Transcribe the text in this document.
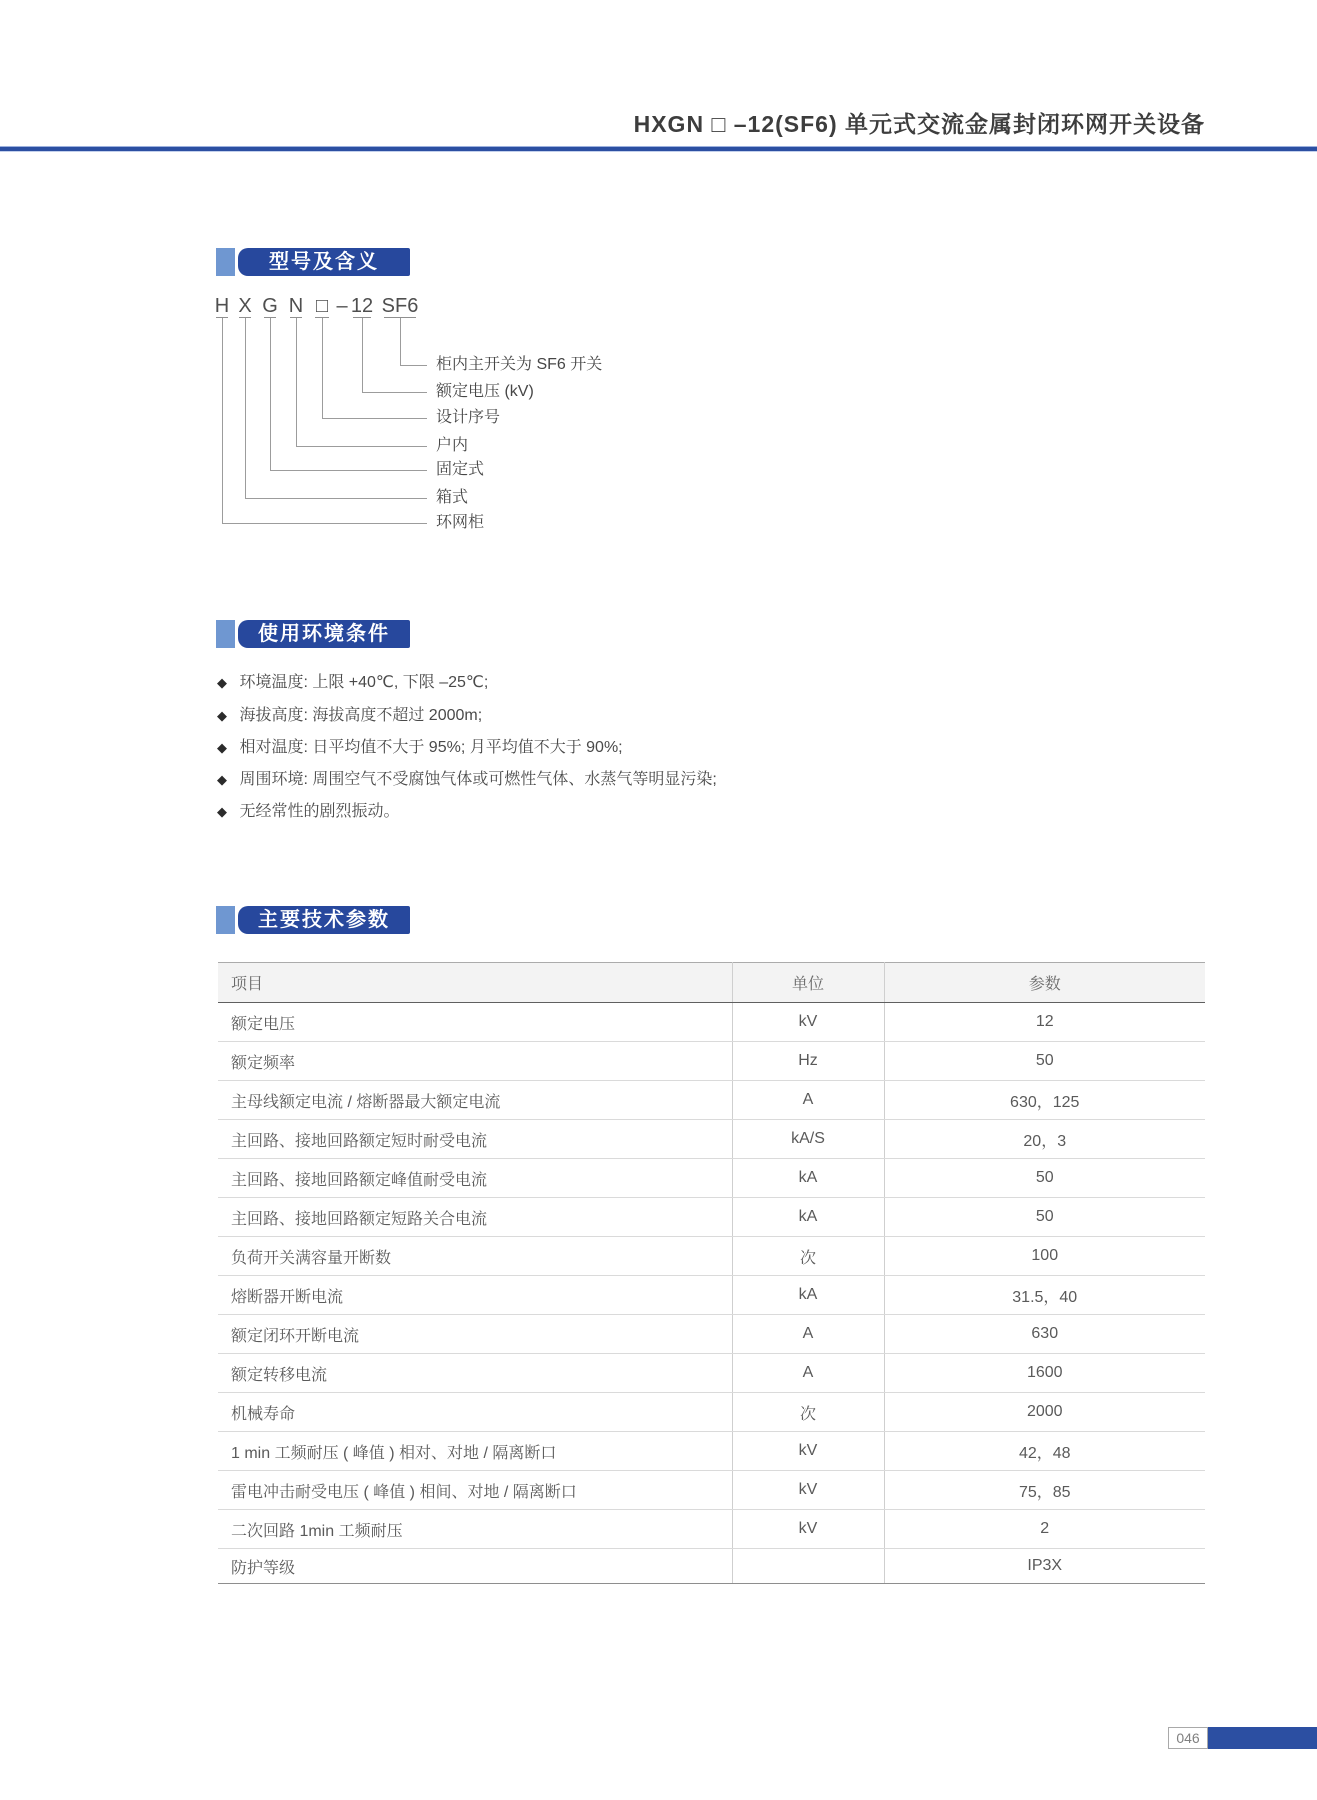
HXGN □ –12(SF6) 单元式交流金属封闭环网开关设备
型号及含义
H X G N □ – 12 SF6
柜内主开关为 SF6 开关
额定电压 (kV)
设计序号
户内
固定式
箱式
环网柜
使用环境条件
◆ 环境温度: 上限 +40℃, 下限 –25℃;
◆ 海拔高度: 海拔高度不超过 2000m;
◆ 相对温度: 日平均值不大于 95%; 月平均值不大于 90%;
◆ 周围环境: 周围空气不受腐蚀气体或可燃性气体、水蒸气等明显污染;
◆ 无经常性的剧烈振动。
主要技术参数
项目	单位	参数
额定电压	kV	12
额定频率	Hz	50
主母线额定电流 / 熔断器最大额定电流	A	630，125
主回路、接地回路额定短时耐受电流	kA/S	20，3
主回路、接地回路额定峰值耐受电流	kA	50
主回路、接地回路额定短路关合电流	kA	50
负荷开关满容量开断数	次	100
熔断器开断电流	kA	31.5，40
额定闭环开断电流	A	630
额定转移电流	A	1600
机械寿命	次	2000
1 min 工频耐压 ( 峰值 ) 相对、对地 / 隔离断口	kV	42，48
雷电冲击耐受电压 ( 峰值 ) 相间、对地 / 隔离断口	kV	75，85
二次回路 1min 工频耐压	kV	2
防护等级		IP3X
046
